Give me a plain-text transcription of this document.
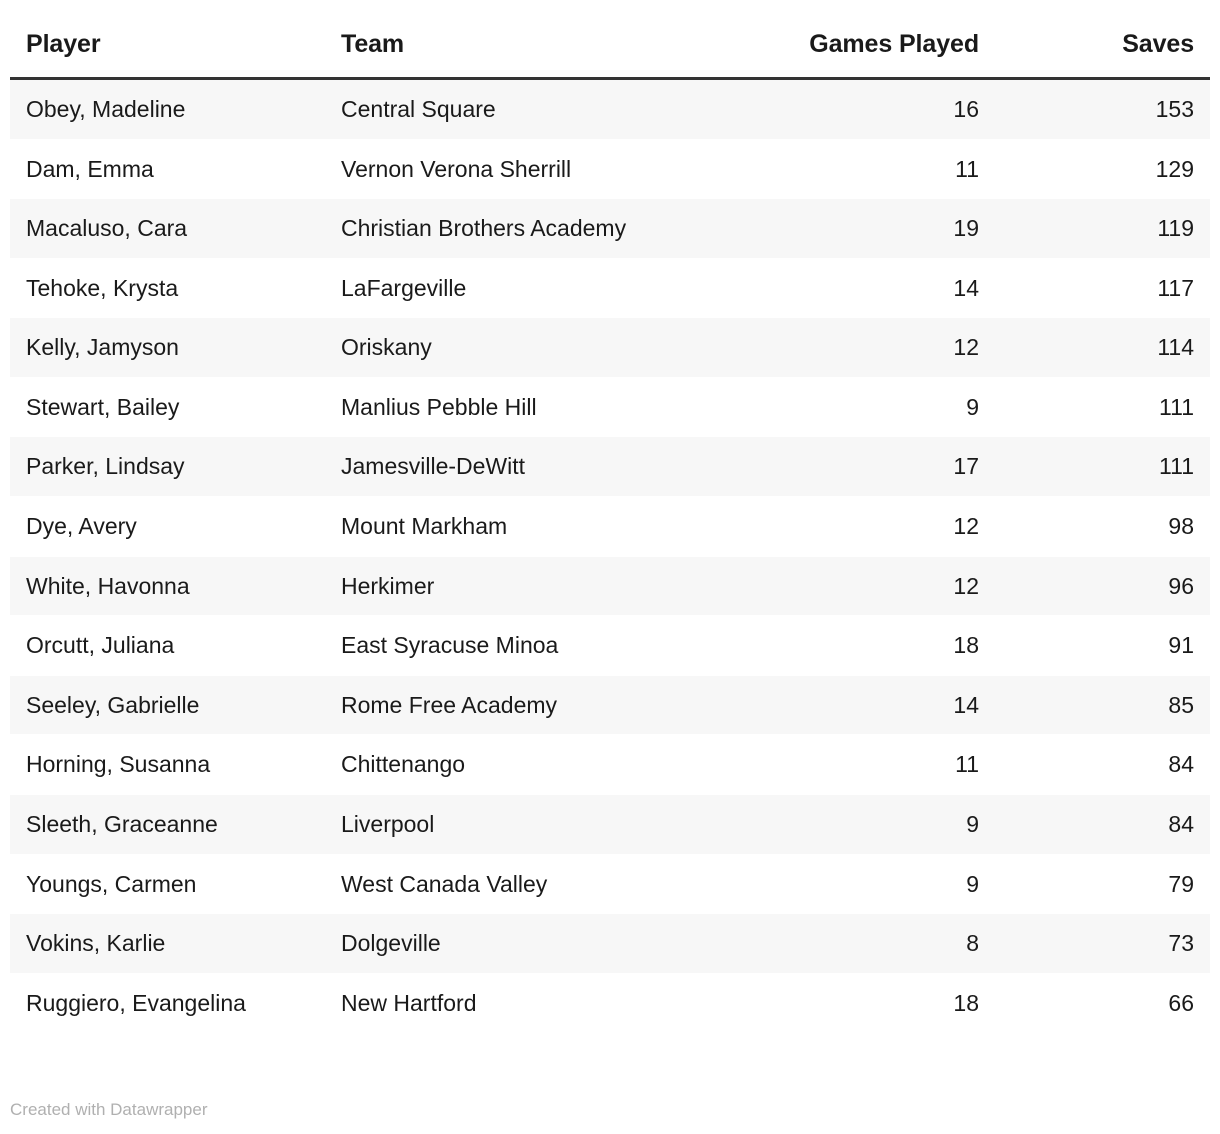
Player	Team	Games Played	Saves
Obey, Madeline	Central Square	16	153
Dam, Emma	Vernon Verona Sherrill	11	129
Macaluso, Cara	Christian Brothers Academy	19	119
Tehoke, Krysta	LaFargeville	14	117
Kelly, Jamyson	Oriskany	12	114
Stewart, Bailey	Manlius Pebble Hill	9	111
Parker, Lindsay	Jamesville-DeWitt	17	111
Dye, Avery	Mount Markham	12	98
White, Havonna	Herkimer	12	96
Orcutt, Juliana	East Syracuse Minoa	18	91
Seeley, Gabrielle	Rome Free Academy	14	85
Horning, Susanna	Chittenango	11	84
Sleeth, Graceanne	Liverpool	9	84
Youngs, Carmen	West Canada Valley	9	79
Vokins, Karlie	Dolgeville	8	73
Ruggiero, Evangelina	New Hartford	18	66
Created with Datawrapper
